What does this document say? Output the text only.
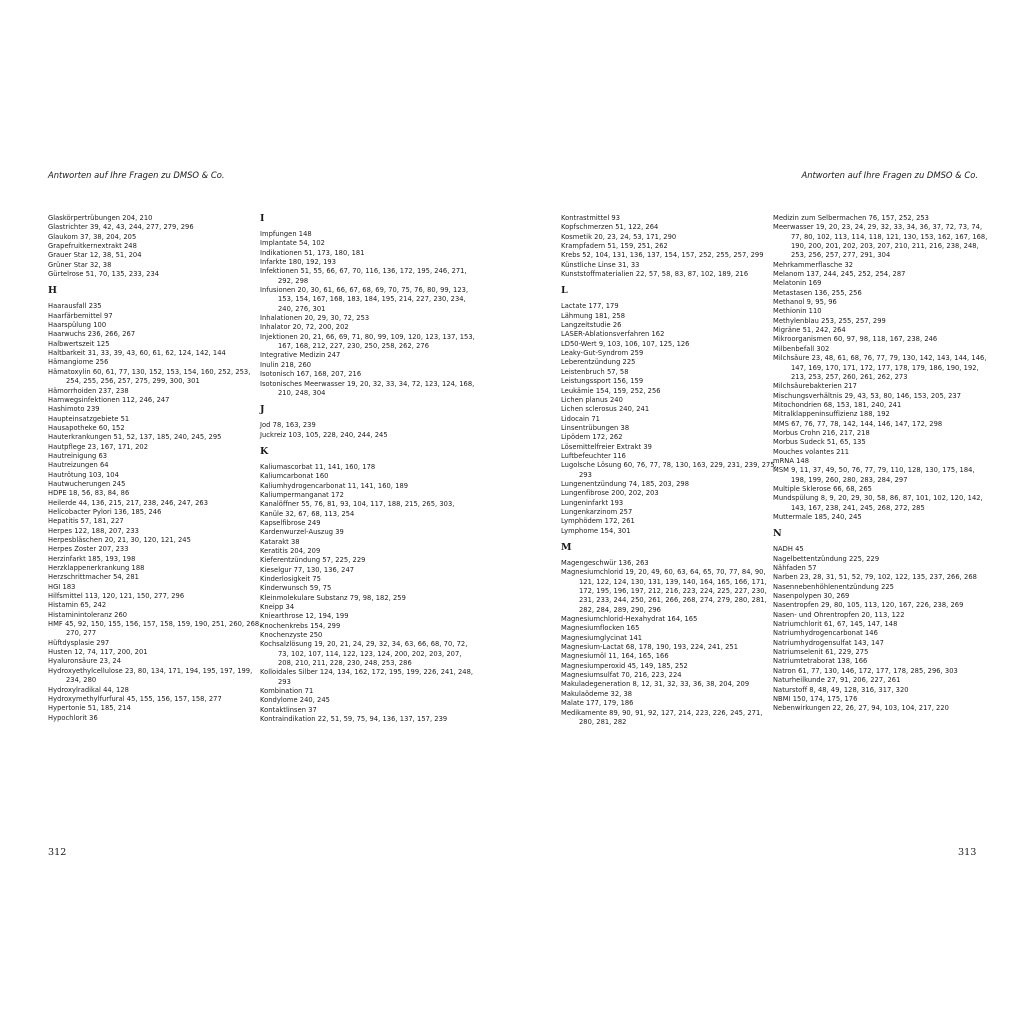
Antworten auf Ihre Fragen zu DMSO & Co.	Antworten auf Ihre Fragen zu DMSO & Co.
Glaskörpertrübungen 204, 210
Glastrichter 39, 42, 43, 244, 277, 279, 296
Glaukom 37, 38, 204, 205
Grapefruitkernextrakt 248
Grauer Star 12, 38, 51, 204
Grüner Star 32, 38
Gürtelrose 51, 70, 135, 233, 234
H
Haarausfall 235
Haarfärbemittel 97
Haarspülung 100
Haarwuchs 236, 266, 267
Halbwertszeit 125
Haltbarkeit 31, 33, 39, 43, 60, 61, 62, 124, 142, 144
Hämangiome 256
Hämatoxylin 60, 61, 77, 130, 152, 153, 154, 160, 252, 253, 254, 255, 256, 257, 275, 299, 300, 301
Hämorrhoiden 237, 238
Harnwegsinfektionen 112, 246, 247
Hashimoto 239
Haupteinsatzgebiete 51
Hausapotheke 60, 152
Hauterkrankungen 51, 52, 137, 185, 240, 245, 295
Hautpflege 23, 167, 171, 202
Hautreinigung 63
Hautreizungen 64
Hautrötung 103, 104
Hautwucherungen 245
HDPE 18, 56, 83, 84, 86
Heilerde 44, 136, 215, 217, 238, 246, 247, 263
Helicobacter Pylori 136, 185, 246
Hepatitis 57, 181, 227
Herpes 122, 188, 207, 233
Herpesbläschen 20, 21, 30, 120, 121, 245
Herpes Zoster 207, 233
Herzinfarkt 185, 193, 198
Herzklappenerkrankung 188
Herzschrittmacher 54, 281
HGI 183
Hilfsmittel 113, 120, 121, 150, 277, 296
Histamin 65, 242
Histaminintoleranz 260
HMF 45, 92, 150, 155, 156, 157, 158, 159, 190, 251, 260, 268, 270, 277
Hüftdysplasie 297
Husten 12, 74, 117, 200, 201
Hyaluronsäure 23, 24
Hydroxyethylcellulose 23, 80, 134, 171, 194, 195, 197, 199, 234, 280
Hydroxylradikal 44, 128
Hydroxymethylfurfural 45, 155, 156, 157, 158, 277
Hypertonie 51, 185, 214
Hypochlorit 36
I
Impfungen 148
Implantate 54, 102
Indikationen 51, 173, 180, 181
Infarkte 180, 192, 193
Infektionen 51, 55, 66, 67, 70, 116, 136, 172, 195, 246, 271, 292, 298
Infusionen 20, 30, 61, 66, 67, 68, 69, 70, 75, 76, 80, 99, 123, 153, 154, 167, 168, 183, 184, 195, 214, 227, 230, 234, 240, 276, 301
Inhalationen 20, 29, 30, 72, 253
Inhalator 20, 72, 200, 202
Injektionen 20, 21, 66, 69, 71, 80, 99, 109, 120, 123, 137, 153, 167, 168, 212, 227, 230, 250, 258, 262, 276
Integrative Medizin 247
Inulin 218, 260
Isotonisch 167, 168, 207, 216
Isotonisches Meerwasser 19, 20, 32, 33, 34, 72, 123, 124, 168, 210, 248, 304
J
Jod 78, 163, 239
Juckreiz 103, 105, 228, 240, 244, 245
K
Kaliumascorbat 11, 141, 160, 178
Kaliumcarbonat 160
Kaliumhydrogencarbonat 11, 141, 160, 189
Kaliumpermanganat 172
Kanalöffner 55, 76, 81, 93, 104, 117, 188, 215, 265, 303,
Kanüle 32, 67, 68, 113, 254
Kapselfibrose 249
Kardenwurzel-Auszug 39
Katarakt 38
Keratitis 204, 209
Kieferentzündung 57, 225, 229
Kieselgur 77, 130, 136, 247
Kinderlosigkeit 75
Kinderwunsch 59, 75
Kleinmolekulare Substanz 79, 98, 182, 259
Kneipp 34
Kniearthrose 12, 194, 199
Knochenkrebs 154, 299
Knochenzyste 250
Kochsalzlösung 19, 20, 21, 24, 29, 32, 34, 63, 66, 68, 70, 72, 73, 102, 107, 114, 122, 123, 124, 200, 202, 203, 207, 208, 210, 211, 228, 230, 248, 253, 286
Kolloidales Silber 124, 134, 162, 172, 195, 199, 226, 241, 248, 293
Kombination 71
Kondylome 240, 245
Kontaktlinsen 37
Kontraindikation 22, 51, 59, 75, 94, 136, 137, 157, 239
Kontrastmittel 93
Kopfschmerzen 51, 122, 264
Kosmetik 20, 23, 24, 53, 171, 290
Krampfadern 51, 159, 251, 262
Krebs 52, 104, 131, 136, 137, 154, 157, 252, 255, 257, 299
Künstliche Linse 31, 33
Kunststoffmaterialien 22, 57, 58, 83, 87, 102, 189, 216
L
Lactate 177, 179
Lähmung 181, 258
Langzeitstudie 26
LASER-Ablationsverfahren 162
LD50-Wert 9, 103, 106, 107, 125, 126
Leaky-Gut-Syndrom 259
Leberentzündung 225
Leistenbruch 57, 58
Leistungssport 156, 159
Leukämie 154, 159, 252, 256
Lichen planus 240
Lichen sclerosus 240, 241
Lidocain 71
Linsentrübungen 38
Lipödem 172, 262
Lösemittelfreier Extrakt 39
Luftbefeuchter 116
Lugolsche Lösung 60, 76, 77, 78, 130, 163, 229, 231, 239, 275, 293
Lungenentzündung 74, 185, 203, 298
Lungenfibrose 200, 202, 203
Lungeninfarkt 193
Lungenkarzinom 257
Lymphödem 172, 261
Lymphome 154, 301
M
Magengeschwür 136, 263
Magnesiumchlorid 19, 20, 49, 60, 63, 64, 65, 70, 77, 84, 90, 121, 122, 124, 130, 131, 139, 140, 164, 165, 166, 171, 172, 195, 196, 197, 212, 216, 223, 224, 225, 227, 230, 231, 233, 244, 250, 261, 266, 268, 274, 279, 280, 281, 282, 284, 289, 290, 296
Magnesiumchlorid-Hexahydrat 164, 165
Magnesiumflocken 165
Magnesiumglycinat 141
Magnesium-Lactat 68, 178, 190, 193, 224, 241, 251
Magnesiumöl 11, 164, 165, 166
Magnesiumperoxid 45, 149, 185, 252
Magnesiumsulfat 70, 216, 223, 224
Makuladegeneration 8, 12, 31, 32, 33, 36, 38, 204, 209
Makulaödeme 32, 38
Malate 177, 179, 186
Medikamente 89, 90, 91, 92, 127, 214, 223, 226, 245, 271, 280, 281, 282
Medizin zum Selbermachen 76, 157, 252, 253
Meerwasser 19, 20, 23, 24, 29, 32, 33, 34, 36, 37, 72, 73, 74, 77, 80, 102, 113, 114, 118, 121, 130, 153, 162, 167, 168, 190, 200, 201, 202, 203, 207, 210, 211, 216, 238, 248, 253, 256, 257, 277, 291, 304
Mehrkammerflasche 32
Melanom 137, 244, 245, 252, 254, 287
Melatonin 169
Metastasen 136, 255, 256
Methanol 9, 95, 96
Methionin 110
Methylenblau 253, 255, 257, 299
Migräne 51, 242, 264
Mikroorganismen 60, 97, 98, 118, 167, 238, 246
Milbenbefall 302
Milchsäure 23, 48, 61, 68, 76, 77, 79, 130, 142, 143, 144, 146, 147, 169, 170, 171, 172, 177, 178, 179, 186, 190, 192, 213, 253, 257, 260, 261, 262, 273
Milchsäurebakterien 217
Mischungsverhältnis 29, 43, 53, 80, 146, 153, 205, 237
Mitochondrien 68, 153, 181, 240, 241
Mitralklappeninsuffizienz 188, 192
MMS 67, 76, 77, 78, 142, 144, 146, 147, 172, 298
Morbus Crohn 216, 217, 218
Morbus Sudeck 51, 65, 135
Mouches volantes 211
mRNA 148
MSM 9, 11, 37, 49, 50, 76, 77, 79, 110, 128, 130, 175, 184, 198, 199, 260, 280, 283, 284, 297
Multiple Sklerose 66, 68, 265
Mundspülung 8, 9, 20, 29, 30, 58, 86, 87, 101, 102, 120, 142, 143, 167, 238, 241, 245, 268, 272, 285
Muttermale 185, 240, 245
N
NADH 45
Nagelbettentzündung 225, 229
Nähfaden 57
Narben 23, 28, 31, 51, 52, 79, 102, 122, 135, 237, 266, 268
Nasennebenhöhlenentzündung 225
Nasenpolypen 30, 269
Nasentropfen 29, 80, 105, 113, 120, 167, 226, 238, 269
Nasen- und Ohrentropfen 20, 113, 122
Natriumchlorit 61, 67, 145, 147, 148
Natriumhydrogencarbonat 146
Natriumhydrogensulfat 143, 147
Natriumselenit 61, 229, 275
Natriumtetraborat 138, 166
Natron 61, 77, 130, 146, 172, 177, 178, 285, 296, 303
Naturheilkunde 27, 91, 206, 227, 261
Naturstoff 8, 48, 49, 128, 316, 317, 320
NBMI 150, 174, 175, 176
Nebenwirkungen 22, 26, 27, 94, 103, 104, 217, 220
312	313
